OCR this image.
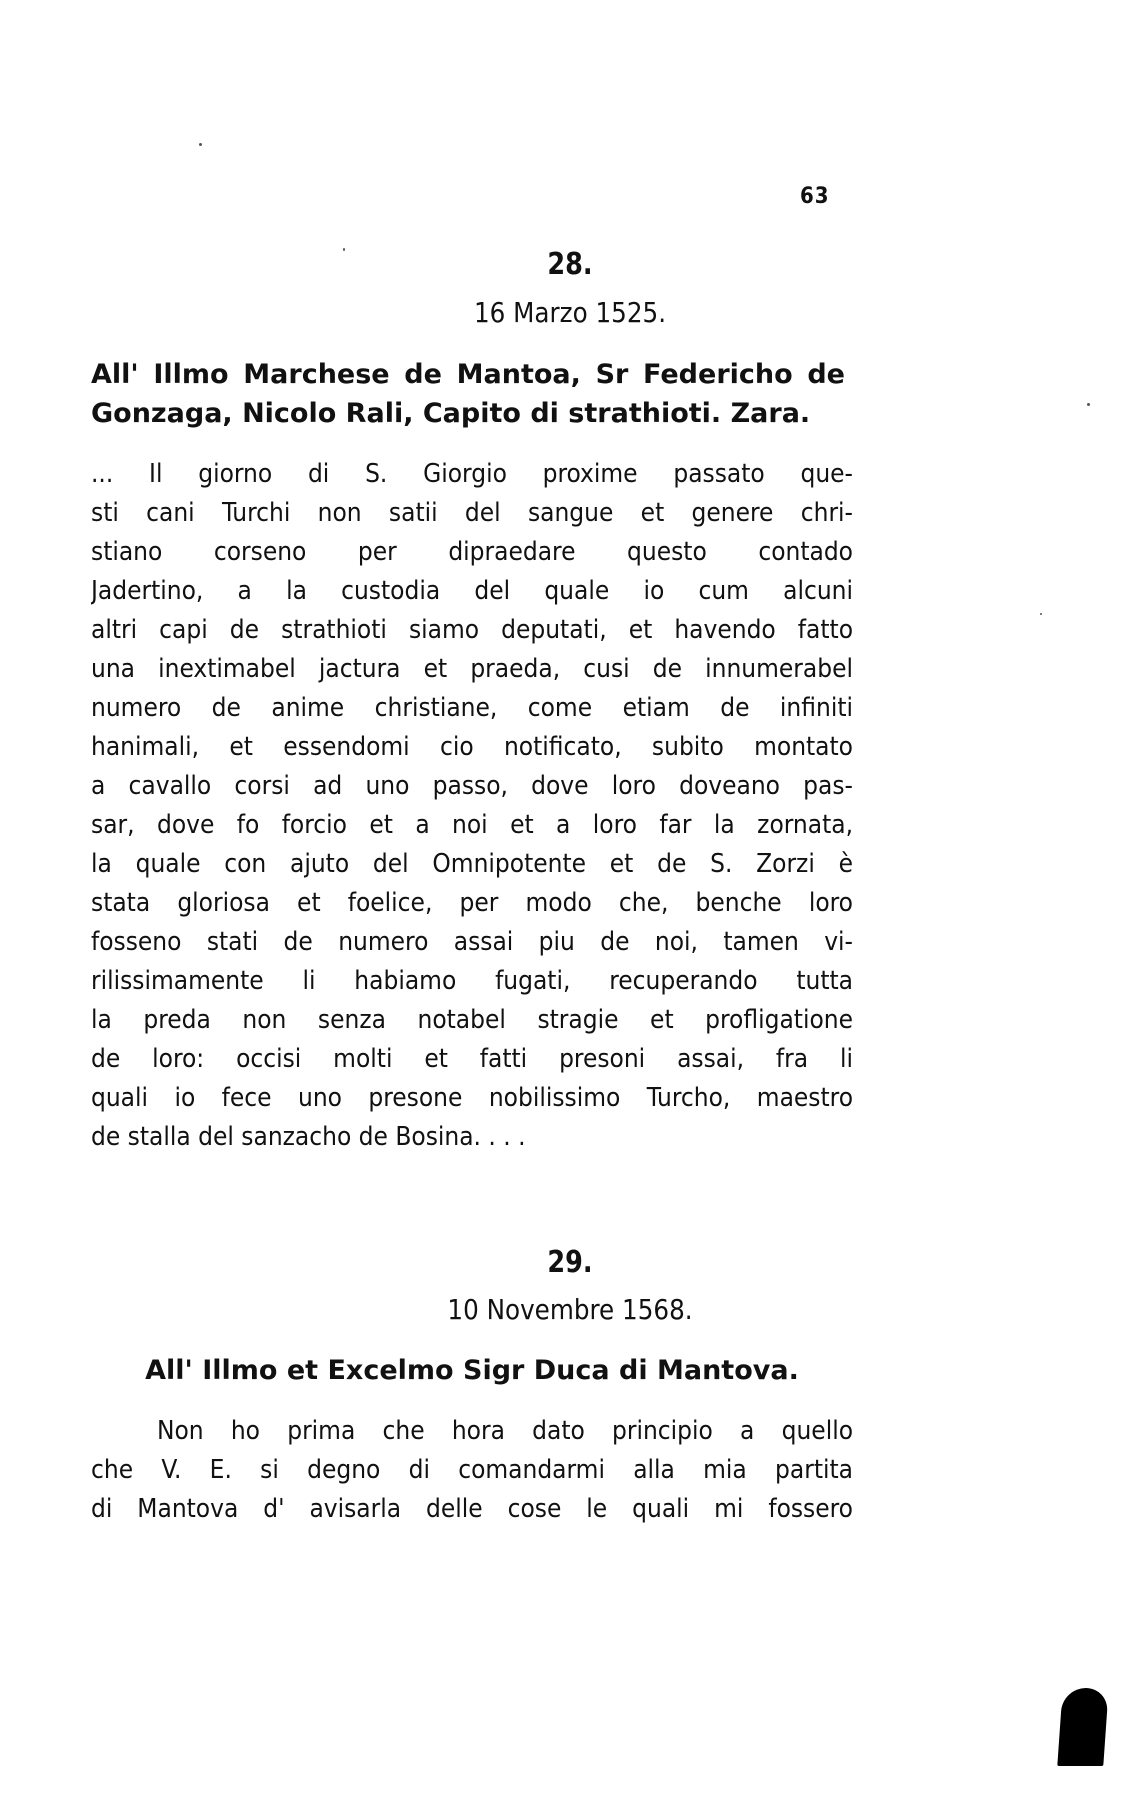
63
28.
16 Marzo 1525.
All' Illmo Marchese de Mantoa, Sr Federicho de
Gonzaga, Nicolo Rali, Capito di strathioti. Zara.
... Il giorno di S. Giorgio proxime passato que-
sti cani Turchi non satii del sangue et genere chri-
stiano corseno per dipraedare questo contado
Jadertino, a la custodia del quale io cum alcuni
altri capi de strathioti siamo deputati, et havendo fatto
una inextimabel jactura et praeda, cusi de innumerabel
numero de anime christiane, come etiam de infiniti
hanimali, et essendomi cio notificato, subito montato
a cavallo corsi ad uno passo, dove loro doveano pas-
sar, dove fo forcio et a noi et a loro far la zornata,
la quale con ajuto del Omnipotente et de S. Zorzi è
stata gloriosa et foelice, per modo che, benche loro
fosseno stati de numero assai piu de noi, tamen vi-
rilissimamente li habiamo fugati, recuperando tutta
la preda non senza notabel stragie et profligatione
de loro: occisi molti et fatti presoni assai, fra li
quali io fece uno presone nobilissimo Turcho, maestro
de stalla del sanzacho de Bosina. . . .
29.
10 Novembre 1568.
All' Illmo et Excelmo Sigr Duca di Mantova.
Non ho prima che hora dato principio a quello
che V. E. si degno di comandarmi alla mia partita
di Mantova d' avisarla delle cose le quali mi fossero
